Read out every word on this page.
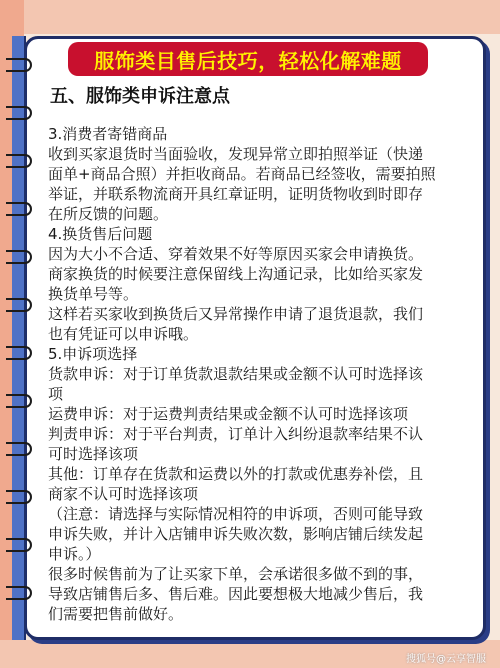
服饰类目售后技巧，轻松化解难题
五、服饰类申诉注意点
3.消费者寄错商品
收到买家退货时当面验收，发现异常立即拍照举证（快递
面单+商品合照）并拒收商品。若商品已经签收，需要拍照
举证，并联系物流商开具红章证明，证明货物收到时即存
在所反馈的问题。
4.换货售后问题
因为大小不合适、穿着效果不好等原因买家会申请换货。
商家换货的时候要注意保留线上沟通记录，比如给买家发
换货单号等。
这样若买家收到换货后又异常操作申请了退货退款，我们
也有凭证可以申诉哦。
5.申诉项选择
货款申诉：对于订单货款退款结果或金额不认可时选择该
项
运费申诉：对于运费判责结果或金额不认可时选择该项
判责申诉：对于平台判责，订单计入纠纷退款率结果不认
可时选择该项
其他：订单存在货款和运费以外的打款或优惠券补偿，且
商家不认可时选择该项
（注意：请选择与实际情况相符的申诉项，否则可能导致
申诉失败，并计入店铺申诉失败次数，影响店铺后续发起
申诉。）
很多时候售前为了让买家下单，会承诺很多做不到的事，
导致店铺售后多、售后难。因此要想极大地减少售后，我
们需要把售前做好。
搜狐号@云享智服
